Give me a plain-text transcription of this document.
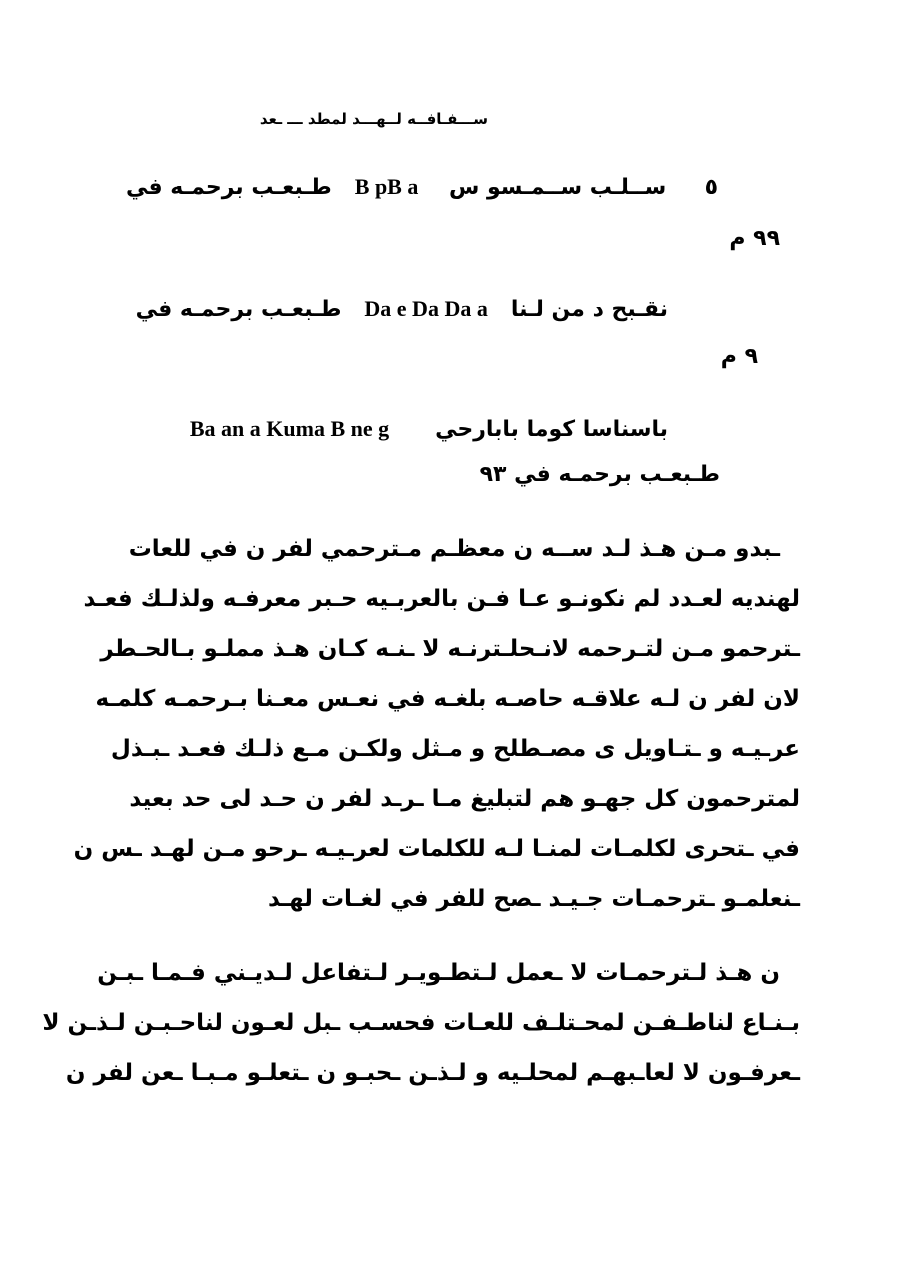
ســـفـافــه لــهـــد لمطد ـــ ـعد
٥     ســلـب ســمـسو س    B pB a   طـبعـب برحمـه في
٩٩ م
نقـبح د من لـنا   Da e Da Da a   طـبعـب برحمـه في
٩ م
باسناسا كوما بابارحي      Ba an a Kuma B ne g
طـبعـب برحمـه في ٩٣
ـبدو مـن هـذ لـد ســه ن معظـم مـترحمي لفر ن في للعات
لهنديه لعـدد لم نكونـو عـا فـن بالعربـيه حـبر معرفـه ولذلـك فعـد
ـترحمو مـن لتـرحمه لانـحلـترنـه لا ـنـه كـان هـذ مملـو بـالحـطر
لان لفر ن لـه علاقـه حاصـه بلغـه في نعـس معـنا بـرحمـه كلمـه
عرـيـه و ـتـاويل ى مصـطلح و مـثل ولكـن مـع ذلـك فعـد ـبـذل
لمترحمون كل جهـو هم لتبليغ مـا ـرـد لفر ن حـد لى حد بعيد
في ـتحرى لكلمـات لمنـا لـه للكلمات لعرـيـه ـرحو مـن لهـد ـس ن
ـنعلمـو ـترحمـات جـيـد ـصح للفر في لغـات لهـد
ن هـذ لـترحمـات لا ـعمل لـتطـويـر لـتفاعل لـديـني فـمـا ـبـن
بـنـاع لناطـفـن لمحـتلـف للعـات فحسـب ـبل لعـون لناحـبـن لـذـن لا
ـعرفـون لا لعاـبهـم لمحلـيه و لـذـن ـحبـو ن ـتعلـو مـبـا ـعن لفر ن
